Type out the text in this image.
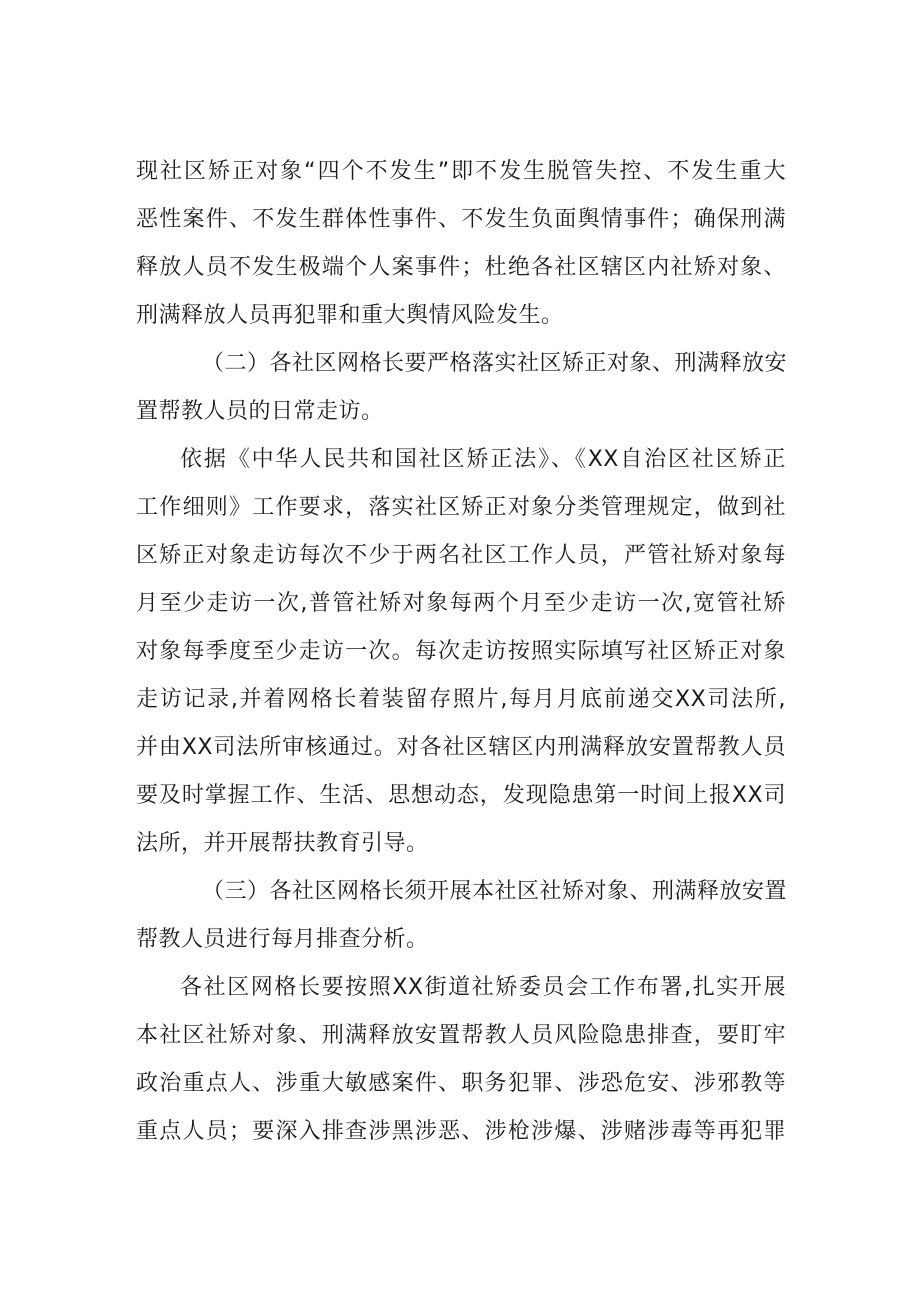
现社区矫正对象“四个不发生”即不发生脱管失控、不发生重大
恶性案件、不发生群体性事件、不发生负面舆情事件；确保刑满
释放人员不发生极端个人案事件；杜绝各社区辖区内社矫对象、
刑满释放人员再犯罪和重大舆情风险发生。
（二）各社区网格长要严格落实社区矫正对象、刑满释放安
置帮教人员的日常走访。
依据《中华人民共和国社区矫正法》、《XX自治区社区矫正
工作细则》工作要求，落实社区矫正对象分类管理规定，做到社
区矫正对象走访每次不少于两名社区工作人员，严管社矫对象每
月至少走访一次,普管社矫对象每两个月至少走访一次,宽管社矫
对象每季度至少走访一次。每次走访按照实际填写社区矫正对象
走访记录,并着网格长着装留存照片,每月月底前递交XX司法所,
并由XX司法所审核通过。对各社区辖区内刑满释放安置帮教人员
要及时掌握工作、生活、思想动态，发现隐患第一时间上报XX司
法所，并开展帮扶教育引导。
（三）各社区网格长须开展本社区社矫对象、刑满释放安置
帮教人员进行每月排查分析。
各社区网格长要按照XX街道社矫委员会工作布署,扎实开展
本社区社矫对象、刑满释放安置帮教人员风险隐患排查，要盯牢
政治重点人、涉重大敏感案件、职务犯罪、涉恐危安、涉邪教等
重点人员；要深入排查涉黑涉恶、涉枪涉爆、涉赌涉毒等再犯罪
